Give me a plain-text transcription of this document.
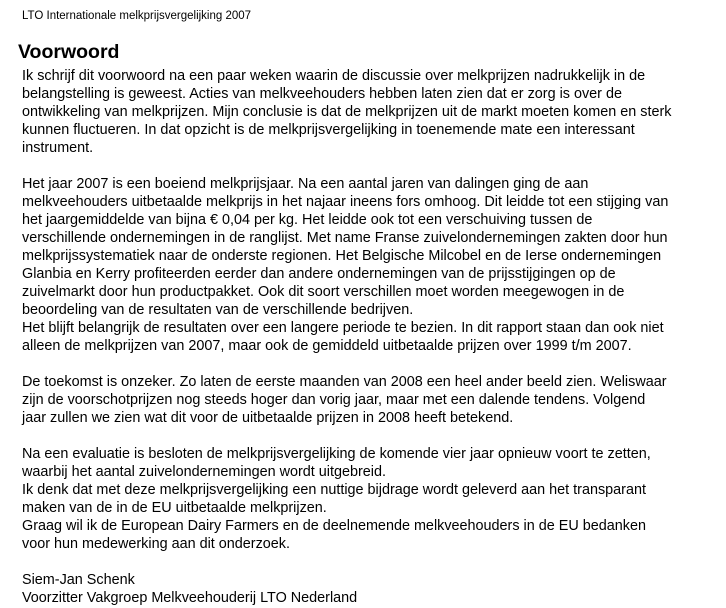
LTO Internationale melkprijsvergelijking 2007
Voorwoord
Ik schrijf dit voorwoord na een paar weken waarin de discussie over melkprijzen nadrukkelijk in de
belangstelling is geweest. Acties van melkveehouders hebben laten zien dat er zorg is over de
ontwikkeling van melkprijzen. Mijn conclusie is dat de melkprijzen uit de markt moeten komen en sterk
kunnen fluctueren. In dat opzicht is de melkprijsvergelijking in toenemende mate een interessant
instrument.
Het jaar 2007 is een boeiend melkprijsjaar. Na een aantal jaren van dalingen ging de aan
melkveehouders uitbetaalde melkprijs in het najaar ineens fors omhoog. Dit leidde tot een stijging van
het jaargemiddelde van bijna € 0,04 per kg. Het leidde ook tot een verschuiving tussen de
verschillende ondernemingen in de ranglijst. Met name Franse zuivelondernemingen zakten door hun
melkprijssystematiek naar de onderste regionen. Het Belgische Milcobel en de Ierse ondernemingen
Glanbia en Kerry profiteerden eerder dan andere ondernemingen van de prijsstijgingen op de
zuivelmarkt door hun productpakket. Ook dit soort verschillen moet worden meegewogen in de
beoordeling van de resultaten van de verschillende bedrijven.
Het blijft belangrijk de resultaten over een langere periode te bezien. In dit rapport staan dan ook niet
alleen de melkprijzen van 2007, maar ook de gemiddeld uitbetaalde prijzen over 1999 t/m 2007.
De toekomst is onzeker. Zo laten de eerste maanden van 2008 een heel ander beeld zien. Weliswaar
zijn de voorschotprijzen nog steeds hoger dan vorig jaar, maar met een dalende tendens. Volgend
jaar zullen we zien wat dit voor de uitbetaalde prijzen in 2008 heeft betekend.
Na een evaluatie is besloten de melkprijsvergelijking de komende vier jaar opnieuw voort te zetten,
waarbij het aantal zuivelondernemingen wordt uitgebreid.
Ik denk dat met deze melkprijsvergelijking een nuttige bijdrage wordt geleverd aan het transparant
maken van de in de EU uitbetaalde melkprijzen.
Graag wil ik de European Dairy Farmers en de deelnemende melkveehouders in de EU bedanken
voor hun medewerking aan dit onderzoek.
Siem-Jan Schenk
Voorzitter Vakgroep Melkveehouderij LTO Nederland
